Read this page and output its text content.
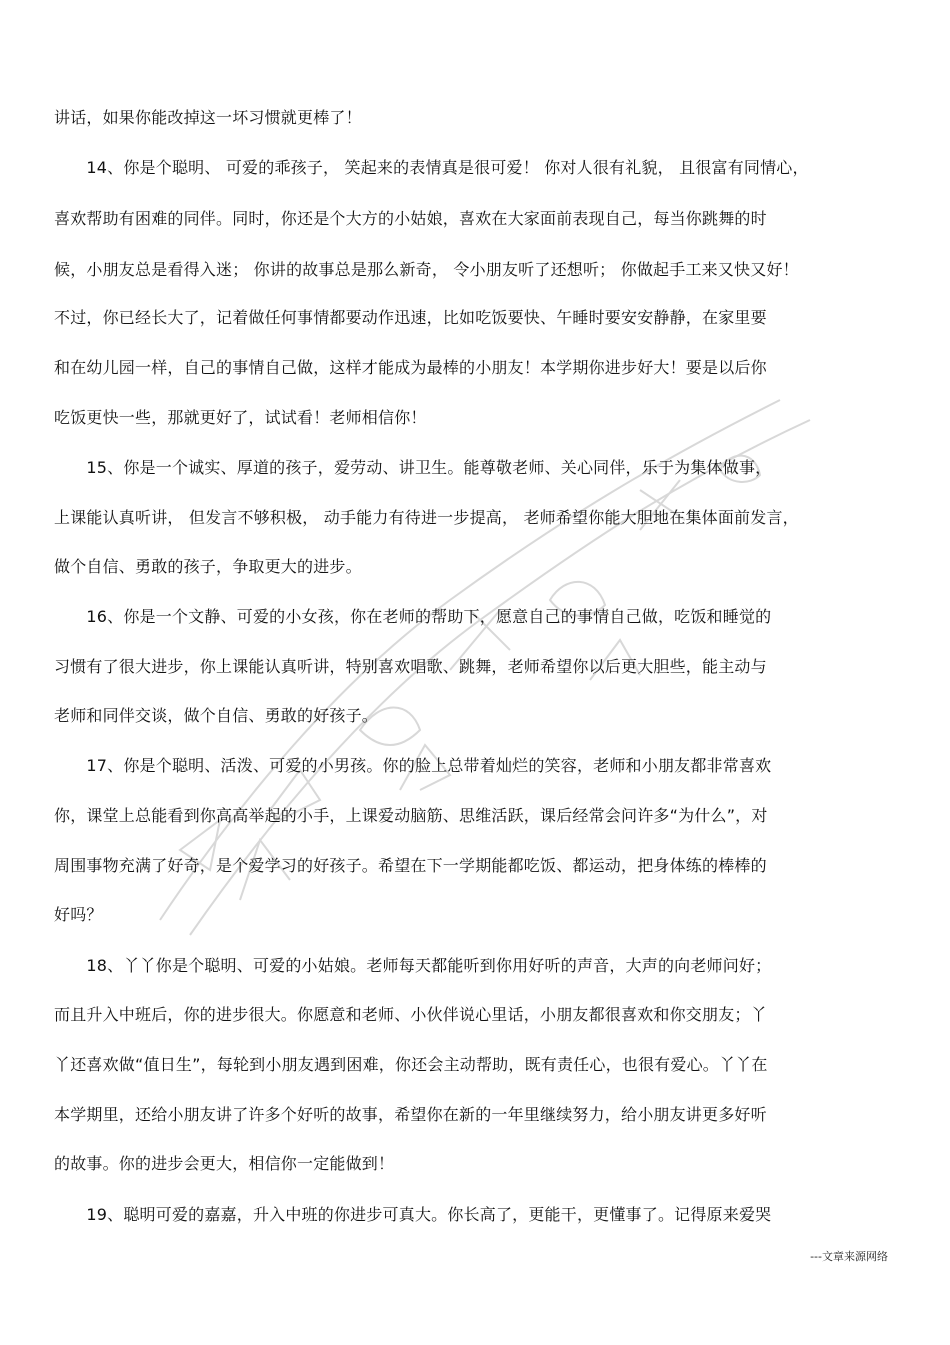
讲话，如果你能改掉这一坏习惯就更棒了！
　　14、你是个聪明、 可爱的乖孩子， 笑起来的表情真是很可爱！ 你对人很有礼貌， 且很富有同情心，
喜欢帮助有困难的同伴。同时，你还是个大方的小姑娘，喜欢在大家面前表现自己，每当你跳舞的时
候，小朋友总是看得入迷； 你讲的故事总是那么新奇， 令小朋友听了还想听； 你做起手工来又快又好！
不过，你已经长大了，记着做任何事情都要动作迅速，比如吃饭要快、午睡时要安安静静，在家里要
和在幼儿园一样，自己的事情自己做，这样才能成为最棒的小朋友！本学期你进步好大！要是以后你
吃饭更快一些，那就更好了，试试看！老师相信你！
　　15、你是一个诚实、厚道的孩子，爱劳动、讲卫生。能尊敬老师、关心同伴，乐于为集体做事，
上课能认真听讲， 但发言不够积极， 动手能力有待进一步提高， 老师希望你能大胆地在集体面前发言，
做个自信、勇敢的孩子，争取更大的进步。
　　16、你是一个文静、可爱的小女孩，你在老师的帮助下，愿意自己的事情自己做，吃饭和睡觉的
习惯有了很大进步，你上课能认真听讲，特别喜欢唱歌、跳舞，老师希望你以后更大胆些，能主动与
老师和同伴交谈，做个自信、勇敢的好孩子。
　　17、你是个聪明、活泼、可爱的小男孩。你的脸上总带着灿烂的笑容，老师和小朋友都非常喜欢
你，课堂上总能看到你高高举起的小手，上课爱动脑筋、思维活跃，课后经常会问许多“为什么”，对
周围事物充满了好奇，是个爱学习的好孩子。希望在下一学期能都吃饭、都运动，把身体练的棒棒的
好吗？
　　18、丫丫你是个聪明、可爱的小姑娘。老师每天都能听到你用好听的声音，大声的向老师问好；
而且升入中班后，你的进步很大。你愿意和老师、小伙伴说心里话，小朋友都很喜欢和你交朋友；丫
丫还喜欢做“值日生”，每轮到小朋友遇到困难，你还会主动帮助，既有责任心，也很有爱心。丫丫在
本学期里，还给小朋友讲了许多个好听的故事，希望你在新的一年里继续努力，给小朋友讲更多好听
的故事。你的进步会更大，相信你一定能做到！
　　19、聪明可爱的嘉嘉，升入中班的你进步可真大。你长高了，更能干，更懂事了。记得原来爱哭
---文章来源网络
